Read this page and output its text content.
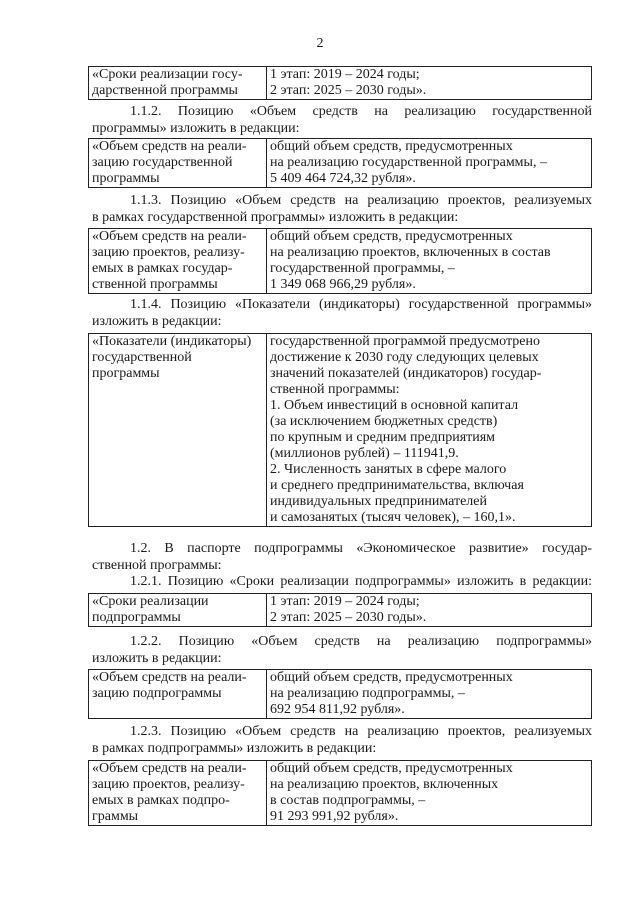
2
«Сроки реализации госу-
дарственной программы

1 этап: 2019 – 2024 годы;
2 этап: 2025 – 2030 годы».
1.1.2. Позицию «Объем средств на реализацию государственной
программы» изложить в редакции:
«Объем средств на реали-
зацию государственной
программы

общий объем средств, предусмотренных
на реализацию государственной программы, –
5 409 464 724,32 рубля».
1.1.3. Позицию «Объем средств на реализацию проектов, реализуемых
в рамках государственной программы» изложить в редакции:
«Объем средств на реали-
зацию проектов, реализу-
емых в рамках государ-
ственной программы

общий объем средств, предусмотренных
на реализацию проектов, включенных в состав
государственной программы, –
1 349 068 966,29 рубля».
1.1.4. Позицию «Показатели (индикаторы) государственной программы»
изложить в редакции:
«Показатели (индикаторы)
государственной
программы

государственной программой предусмотрено
достижение к 2030 году следующих целевых
значений показателей (индикаторов) государ-
ственной программы:
1. Объем инвестиций в основной капитал
(за исключением бюджетных средств)
по крупным и средним предприятиям
(миллионов рублей) – 111941,9.
2. Численность занятых в сфере малого
и среднего предпринимательства, включая
индивидуальных предпринимателей
и самозанятых (тысяч человек), – 160,1».
1.2. В паспорте подпрограммы «Экономическое развитие» государ-
ственной программы:
1.2.1. Позицию «Сроки реализации подпрограммы» изложить в редакции:
«Сроки реализации
подпрограммы

1 этап: 2019 – 2024 годы;
2 этап: 2025 – 2030 годы».
1.2.2. Позицию «Объем средств на реализацию подпрограммы»
изложить в редакции:
«Объем средств на реали-
зацию подпрограммы

общий объем средств, предусмотренных
на реализацию подпрограммы, –
692 954 811,92 рубля».
1.2.3. Позицию «Объем средств на реализацию проектов, реализуемых
в рамках подпрограммы» изложить в редакции:
«Объем средств на реали-
зацию проектов, реализу-
емых в рамках подпро-
граммы

общий объем средств, предусмотренных
на реализацию проектов, включенных
в состав подпрограммы, –
91 293 991,92 рубля».
